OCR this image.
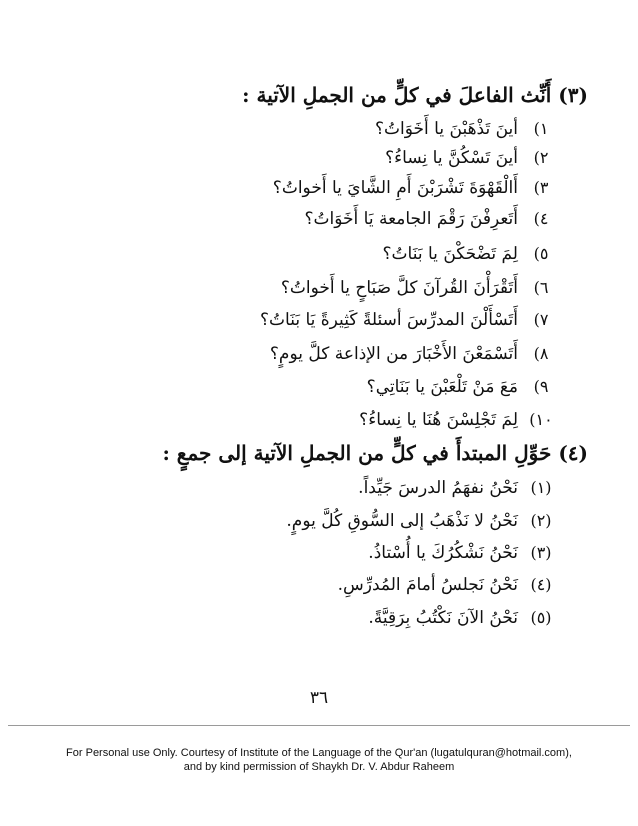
(٣) أَنِّث الفاعلَ في كلٍّ من الجملِ الآتية :
١)أينَ تَذْهَبْنَ يا أَخَوَاتُ؟
٢)أينَ تَسْكُنَّ يا نِساءُ؟
٣)أَالْقَهْوَةَ تَشْرَبْنَ أَمِ الشَّايَ يا أَخواتُ؟
٤)أَتَعرِفْنَ رَقْمَ الجامعة يَا أَخَوَاتُ؟
٥)لِمَ تَضْحَكْنَ يا بَنَاتُ؟
٦)أَتَقْرَأْنَ القُرآنَ كلَّ صَبَاحٍ يا أَخواتُ؟
٧)أَتَسْأَلْنَ المدرِّسَ أسئلةً كَثِيرةً يَا بَنَاتُ؟
٨)أَتَسْمَعْنَ الأَخْبَارَ من الإذاعة كلَّ يومٍ؟
٩)مَعَ مَنْ تَلْعَبْنَ يا بَنَاتِي؟
١٠)لِمَ تَجْلِسْنَ هُنَا يا نِساءُ؟
(٤) حَوِّلِ المبتدأَ في كلٍّ من الجملِ الآتية إلى جمعٍ :
(١)نَحْنُ نفهَمُ الدرسَ جَيِّداً.
(٢)نَحْنُ لا نَذْهَبُ إلى السُّوقِ كُلَّ يومٍ.
(٣)نَحْنُ نَشْكُرُكَ يا أُسْتاذُ.
(٤)نَحْنُ نَجلسُ أمامَ المُدرِّسِ.
(٥)نَحْنُ الآنَ نَكْتُبُ بِرَقِيَّةً.
٣٦
For Personal use Only. Courtesy of Institute of the Language of the Qur'an (lugatulquran@hotmail.com),
and by kind permission of Shaykh Dr. V. Abdur Raheem
